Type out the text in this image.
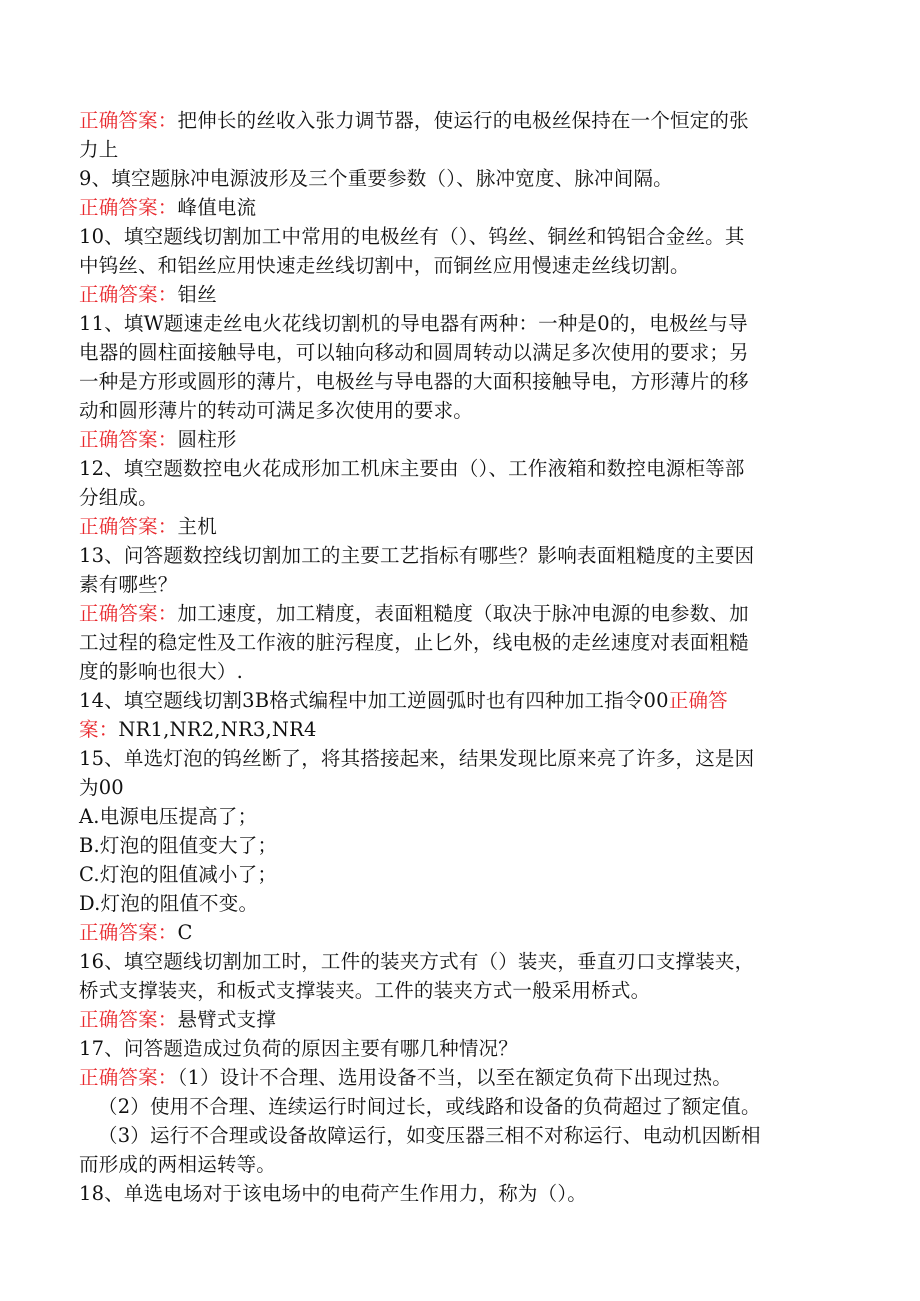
正确答案：把伸长的丝收入张力调节器，使运行的电极丝保持在一个恒定的张
力上
9、填空题脉冲电源波形及三个重要参数（）、脉冲宽度、脉冲间隔。
正确答案：峰值电流
10、填空题线切割加工中常用的电极丝有（）、钨丝、铜丝和钨铝合金丝。其
中钨丝、和铝丝应用快速走丝线切割中，而铜丝应用慢速走丝线切割。
正确答案：钼丝
11、填W题速走丝电火花线切割机的导电器有两种：一种是0的，电极丝与导
电器的圆柱面接触导电，可以轴向移动和圆周转动以满足多次使用的要求；另
一种是方形或圆形的薄片，电极丝与导电器的大面积接触导电，方形薄片的移
动和圆形薄片的转动可满足多次使用的要求。
正确答案：圆柱形
12、填空题数控电火花成形加工机床主要由（）、工作液箱和数控电源柜等部
分组成。
正确答案：主机
13、问答题数控线切割加工的主要工艺指标有哪些？影响表面粗糙度的主要因
素有哪些？
正确答案：加工速度，加工精度，表面粗糙度（取决于脉冲电源的电参数、加
工过程的稳定性及工作液的脏污程度，止匕外，线电极的走丝速度对表面粗糙
度的影响也很大）.
14、填空题线切割3B格式编程中加工逆圆弧时也有四种加工指令00正确答
案：NR1,NR2,NR3,NR4
15、单选灯泡的钨丝断了，将其搭接起来，结果发现比原来亮了许多，这是因
为00
A.电源电压提高了；
B.灯泡的阻值变大了；
C.灯泡的阻值减小了；
D.灯泡的阻值不变。
正确答案：C
16、填空题线切割加工时，工件的装夹方式有（）装夹，垂直刃口支撑装夹，
桥式支撑装夹，和板式支撑装夹。工件的装夹方式一般采用桥式。
正确答案：悬臂式支撑
17、问答题造成过负荷的原因主要有哪几种情况？
正确答案：（1）设计不合理、选用设备不当，以至在额定负荷下出现过热。
（2）使用不合理、连续运行时间过长，或线路和设备的负荷超过了额定值。
（3）运行不合理或设备故障运行，如变压器三相不对称运行、电动机因断相
而形成的两相运转等。
18、单选电场对于该电场中的电荷产生作用力，称为（）。
